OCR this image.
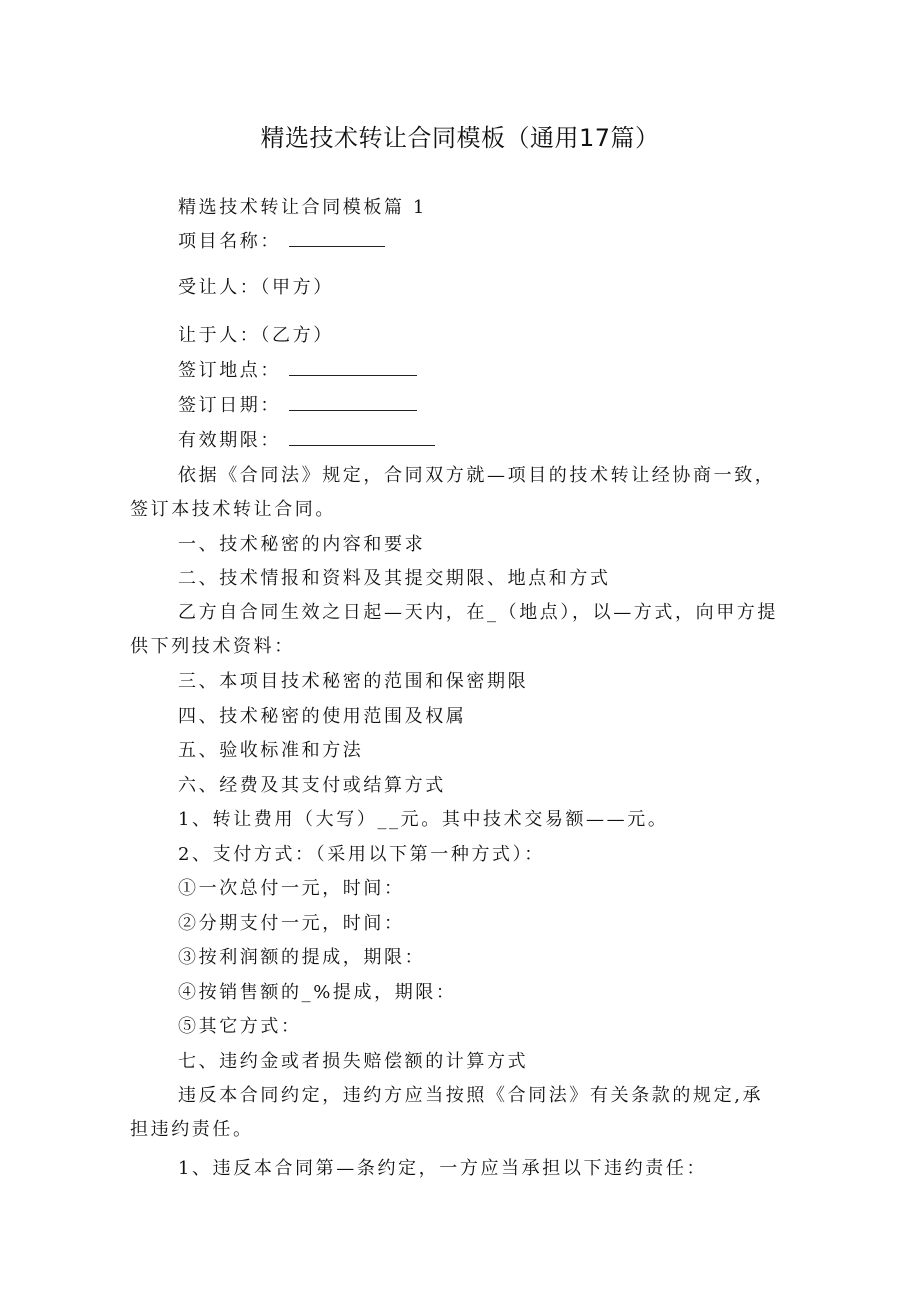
精选技术转让合同模板（通用17篇）
精选技术转让合同模板篇 1
项目名称：
受让人：（甲方）
让于人：（乙方）
签订地点：
签订日期：
有效期限：
依据《合同法》规定，合同双方就—项目的技术转让经协商一致，签订本技术转让合同。
一、技术秘密的内容和要求
二、技术情报和资料及其提交期限、地点和方式
乙方自合同生效之日起—天内，在_（地点），以—方式，向甲方提供下列技术资料：
三、本项目技术秘密的范围和保密期限
四、技术秘密的使用范围及权属
五、验收标准和方法
六、经费及其支付或结算方式
1、转让费用（大写）__元。其中技术交易额——元。
2、支付方式：（采用以下第一种方式）：
①一次总付一元，时间：
②分期支付一元，时间：
③按利润额的提成，期限：
④按销售额的_%提成，期限：
⑤其它方式：
七、违约金或者损失赔偿额的计算方式
违反本合同约定，违约方应当按照《合同法》有关条款的规定,承担违约责任。
1、违反本合同第—条约定，一方应当承担以下违约责任：
